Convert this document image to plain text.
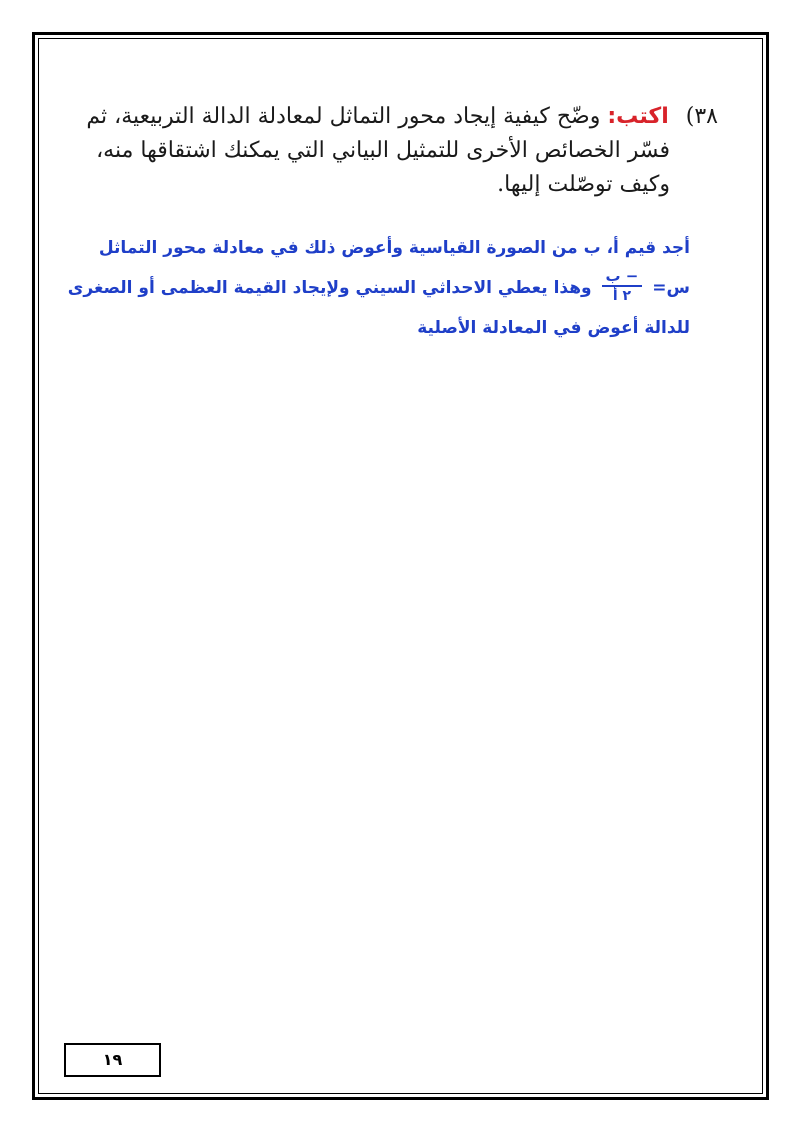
٣٨) اكتب: وضّح كيفية إيجاد محور التماثل لمعادلة الدالة التربيعية، ثم
فسّر الخصائص الأخرى للتمثيل البياني التي يمكنك اشتقاقها منه،
وكيف توصّلت إليها.
أجد قيم أ، ب من الصورة القياسية وأعوض ذلك في معادلة محور التماثل
س=
$\frac{\text{− ب}}{\text{٢ أ}}$
وهذا يعطي الاحداثي السيني ولإيجاد القيمة العظمى أو الصغرى
للدالة أعوض في المعادلة الأصلية
١٩
